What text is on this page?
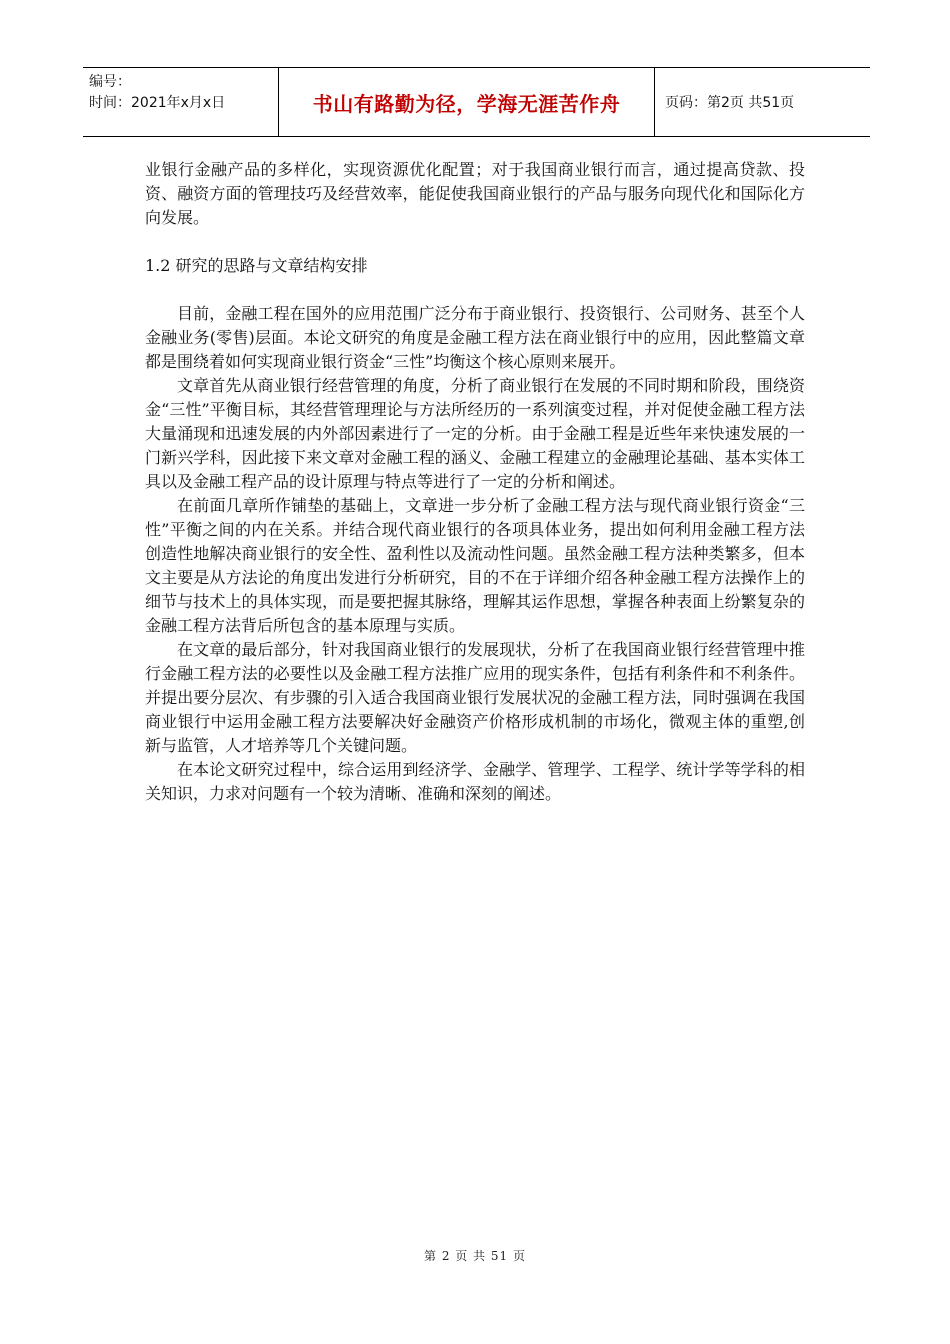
编号：
时间：2021年x月x日	书山有路勤为径，学海无涯苦作舟	页码：第2页 共51页

业银行金融产品的多样化，实现资源优化配置；对于我国商业银行而言，通过提高贷款、投资、融资方面的管理技巧及经营效率，能促使我国商业银行的产品与服务向现代化和国际化方向发展。

1.2 研究的思路与文章结构安排

目前，金融工程在国外的应用范围广泛分布于商业银行、投资银行、公司财务、甚至个人金融业务(零售)层面。本论文研究的角度是金融工程方法在商业银行中的应用，因此整篇文章都是围绕着如何实现商业银行资金“三性”均衡这个核心原则来展开。

文章首先从商业银行经营管理的角度，分析了商业银行在发展的不同时期和阶段，围绕资金“三性”平衡目标，其经营管理理论与方法所经历的一系列演变过程，并对促使金融工程方法大量涌现和迅速发展的内外部因素进行了一定的分析。由于金融工程是近些年来快速发展的一门新兴学科，因此接下来文章对金融工程的涵义、金融工程建立的金融理论基础、基本实体工具以及金融工程产品的设计原理与特点等进行了一定的分析和阐述。

在前面几章所作铺垫的基础上，文章进一步分析了金融工程方法与现代商业银行资金“三性”平衡之间的内在关系。并结合现代商业银行的各项具体业务，提出如何利用金融工程方法创造性地解决商业银行的安全性、盈利性以及流动性问题。虽然金融工程方法种类繁多，但本文主要是从方法论的角度出发进行分析研究，目的不在于详细介绍各种金融工程方法操作上的细节与技术上的具体实现，而是要把握其脉络，理解其运作思想，掌握各种表面上纷繁复杂的金融工程方法背后所包含的基本原理与实质。

在文章的最后部分，针对我国商业银行的发展现状，分析了在我国商业银行经营管理中推行金融工程方法的必要性以及金融工程方法推广应用的现实条件，包括有利条件和不利条件。并提出要分层次、有步骤的引入适合我国商业银行发展状况的金融工程方法，同时强调在我国商业银行中运用金融工程方法要解决好金融资产价格形成机制的市场化，微观主体的重塑,创新与监管，人才培养等几个关键问题。

在本论文研究过程中，综合运用到经济学、金融学、管理学、工程学、统计学等学科的相关知识，力求对问题有一个较为清晰、准确和深刻的阐述。

第 2 页 共 51 页
